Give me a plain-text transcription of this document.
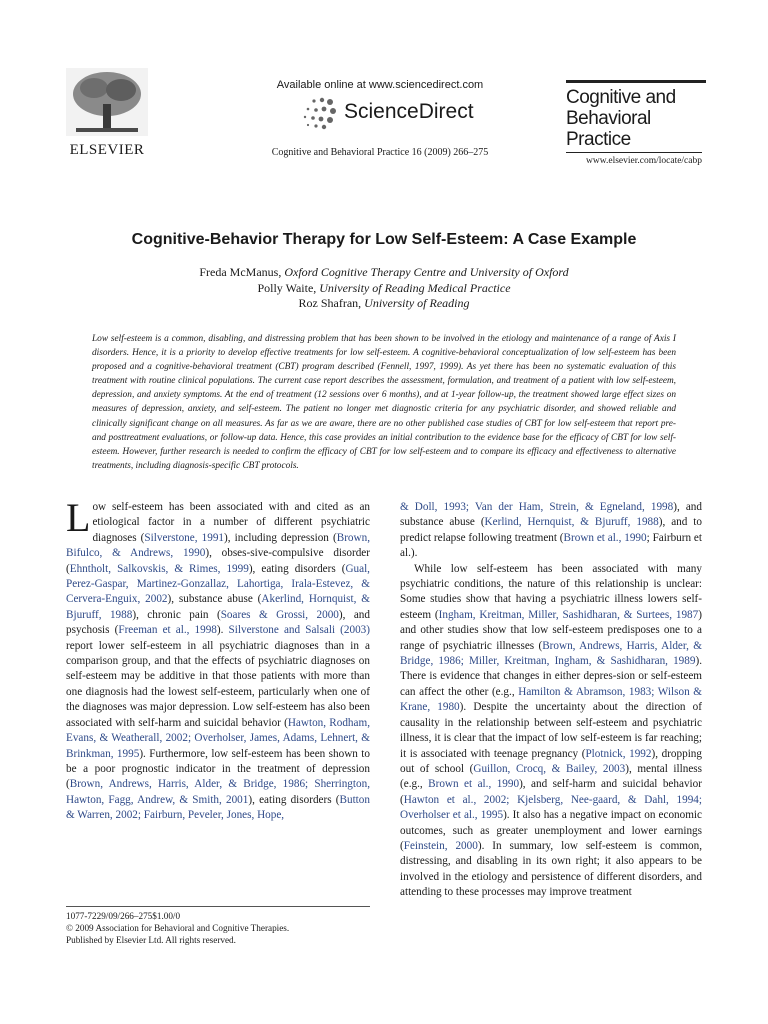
ELSEVIER
Available online at www.sciencedirect.com
ScienceDirect
Cognitive and Behavioral Practice 16 (2009) 266–275
Cognitive and
Behavioral
Practice
www.elsevier.com/locate/cabp
Cognitive-Behavior Therapy for Low Self-Esteem: A Case Example
Freda McManus, Oxford Cognitive Therapy Centre and University of Oxford
Polly Waite, University of Reading Medical Practice
Roz Shafran, University of Reading
Low self-esteem is a common, disabling, and distressing problem that has been shown to be involved in the etiology and maintenance of a range of Axis I disorders. Hence, it is a priority to develop effective treatments for low self-esteem. A cognitive-behavioral conceptualization of low self-esteem has been proposed and a cognitive-behavioral treatment (CBT) program described (Fennell, 1997, 1999). As yet there has been no systematic evaluation of this treatment with routine clinical populations. The current case report describes the assessment, formulation, and treatment of a patient with low self-esteem, depression, and anxiety symptoms. At the end of treatment (12 sessions over 6 months), and at 1-year follow-up, the treatment showed large effect sizes on measures of depression, anxiety, and self-esteem. The patient no longer met diagnostic criteria for any psychiatric disorder, and showed reliable and clinically significant change on all measures. As far as we are aware, there are no other published case studies of CBT for low self-esteem that report pre- and posttreatment evaluations, or follow-up data. Hence, this case provides an initial contribution to the evidence base for the efficacy of CBT for low self-esteem. However, further research is needed to confirm the efficacy of CBT for low self-esteem and to compare its efficacy and effectiveness to alternative treatments, including diagnosis-specific CBT protocols.

Low self-esteem has been associated with and cited as an etiological factor in a number of different psychiatric diagnoses (Silverstone, 1991), including depression (Brown, Bifulco, & Andrews, 1990), obses-sive-compulsive disorder (Ehntholt, Salkovskis, & Rimes, 1999), eating disorders (Gual, Perez-Gaspar, Martinez-Gonzallaz, Lahortiga, Irala-Estevez, & Cervera-Enguix, 2002), substance abuse (Akerlind, Hornquist, & Bjuruff, 1988), chronic pain (Soares & Grossi, 2000), and psychosis (Freeman et al., 1998). Silverstone and Salsali (2003) report lower self-esteem in all psychiatric diagnoses than in a comparison group, and that the effects of psychiatric diagnoses on self-esteem may be additive in that those patients with more than one diagnosis had the lowest self-esteem, particularly when one of the diagnoses was major depression. Low self-esteem has also been associated with self-harm and suicidal behavior (Hawton, Rodham, Evans, & Weatherall, 2002; Overholser, James, Adams, Lehnert, & Brinkman, 1995). Furthermore, low self-esteem has been shown to be a poor prognostic indicator in the treatment of depression (Brown, Andrews, Harris, Alder, & Bridge, 1986; Sherrington, Hawton, Fagg, Andrew, & Smith, 2001), eating disorders (Button & Warren, 2002; Fairburn, Peveler, Jones, Hope,

& Doll, 1993; Van der Ham, Strein, & Egneland, 1998), and substance abuse (Kerlind, Hernquist, & Bjuruff, 1988), and to predict relapse following treatment (Brown et al., 1990; Fairburn et al.).

While low self-esteem has been associated with many psychiatric conditions, the nature of this relationship is unclear: Some studies show that having a psychiatric illness lowers self-esteem (Ingham, Kreitman, Miller, Sashidharan, & Surtees, 1987) and other studies show that low self-esteem predisposes one to a range of psychiatric illnesses (Brown, Andrews, Harris, Alder, & Bridge, 1986; Miller, Kreitman, Ingham, & Sashidharan, 1989). There is evidence that changes in either depres-sion or self-esteem can affect the other (e.g., Hamilton & Abramson, 1983; Wilson & Krane, 1980). Despite the uncertainty about the direction of causality in the relationship between self-esteem and psychiatric illness, it is clear that the impact of low self-esteem is far reaching; it is associated with teenage pregnancy (Plotnick, 1992), dropping out of school (Guillon, Crocq, & Bailey, 2003), mental illness (e.g., Brown et al., 1990), and self-harm and suicidal behavior (Hawton et al., 2002; Kjelsberg, Nee-gaard, & Dahl, 1994; Overholser et al., 1995). It also has a negative impact on economic outcomes, such as greater unemployment and lower earnings (Feinstein, 2000). In summary, low self-esteem is common, distressing, and disabling in its own right; it also appears to be involved in the etiology and persistence of different disorders, and attending to these processes may improve treatment

1077-7229/09/266–275$1.00/0
© 2009 Association for Behavioral and Cognitive Therapies.
Published by Elsevier Ltd. All rights reserved.
